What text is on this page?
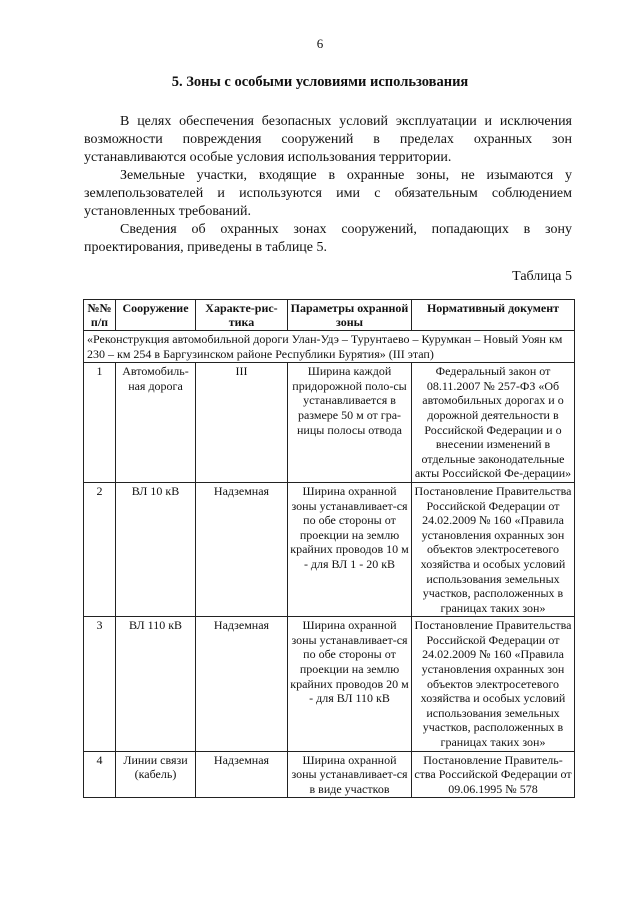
6
5. Зоны с особыми условиями использования

В целях обеспечения безопасных условий эксплуатации и исключения возможности повреждения сооружений в пределах охранных зон устанавливаются особые условия использования территории.

Земельные участки, входящие в охранные зоны, не изымаются у землепользователей и используются ими с обязательным соблюдением установленных требований.

Сведения об охранных зонах сооружений, попадающих в зону проектирования, приведены в таблице 5.

Таблица 5
№№ п/п	Сооружение	Характе-рис-тика	Параметры охранной зоны	Нормативный документ
«Реконструкция автомобильной дороги Улан-Удэ – Турунтаево – Курумкан – Новый Уоян км 230 – км 254 в Баргузинском районе Республики Бурятия» (III этап)				
1	Автомобиль-ная дорога	III	Ширина каждой придорожной поло-сы устанавливается в размере 50 м от гра-ницы полосы отвода	Федеральный закон от 08.11.2007 № 257-ФЗ «Об автомобильных дорогах и о дорожной деятельности в Российской Федерации и о внесении изменений в отдельные законодательные акты Российской Фе-дерации»
2	ВЛ 10 кВ	Надземная	Ширина охранной зоны устанавливает-ся по обе стороны от проекции на землю крайних проводов 10 м - для ВЛ 1 - 20 кВ	Постановление Правительства Российской Федерации от 24.02.2009 № 160 «Правила установления охранных зон объектов электросетевого хозяйства и особых условий использования земельных участков, расположенных в границах таких зон»
3	ВЛ 110 кВ	Надземная	Ширина охранной зоны устанавливает-ся по обе стороны от проекции на землю крайних проводов 20 м - для ВЛ 110 кВ	Постановление Правительства Российской Федерации от 24.02.2009 № 160 «Правила установления охранных зон объектов электросетевого хозяйства и особых условий использования земельных участков, расположенных в границах таких зон»
4	Линии связи (кабель)	Надземная	Ширина охранной зоны устанавливает-ся в виде участков	Постановление Правитель-ства Российской Федерации от 09.06.1995 № 578
